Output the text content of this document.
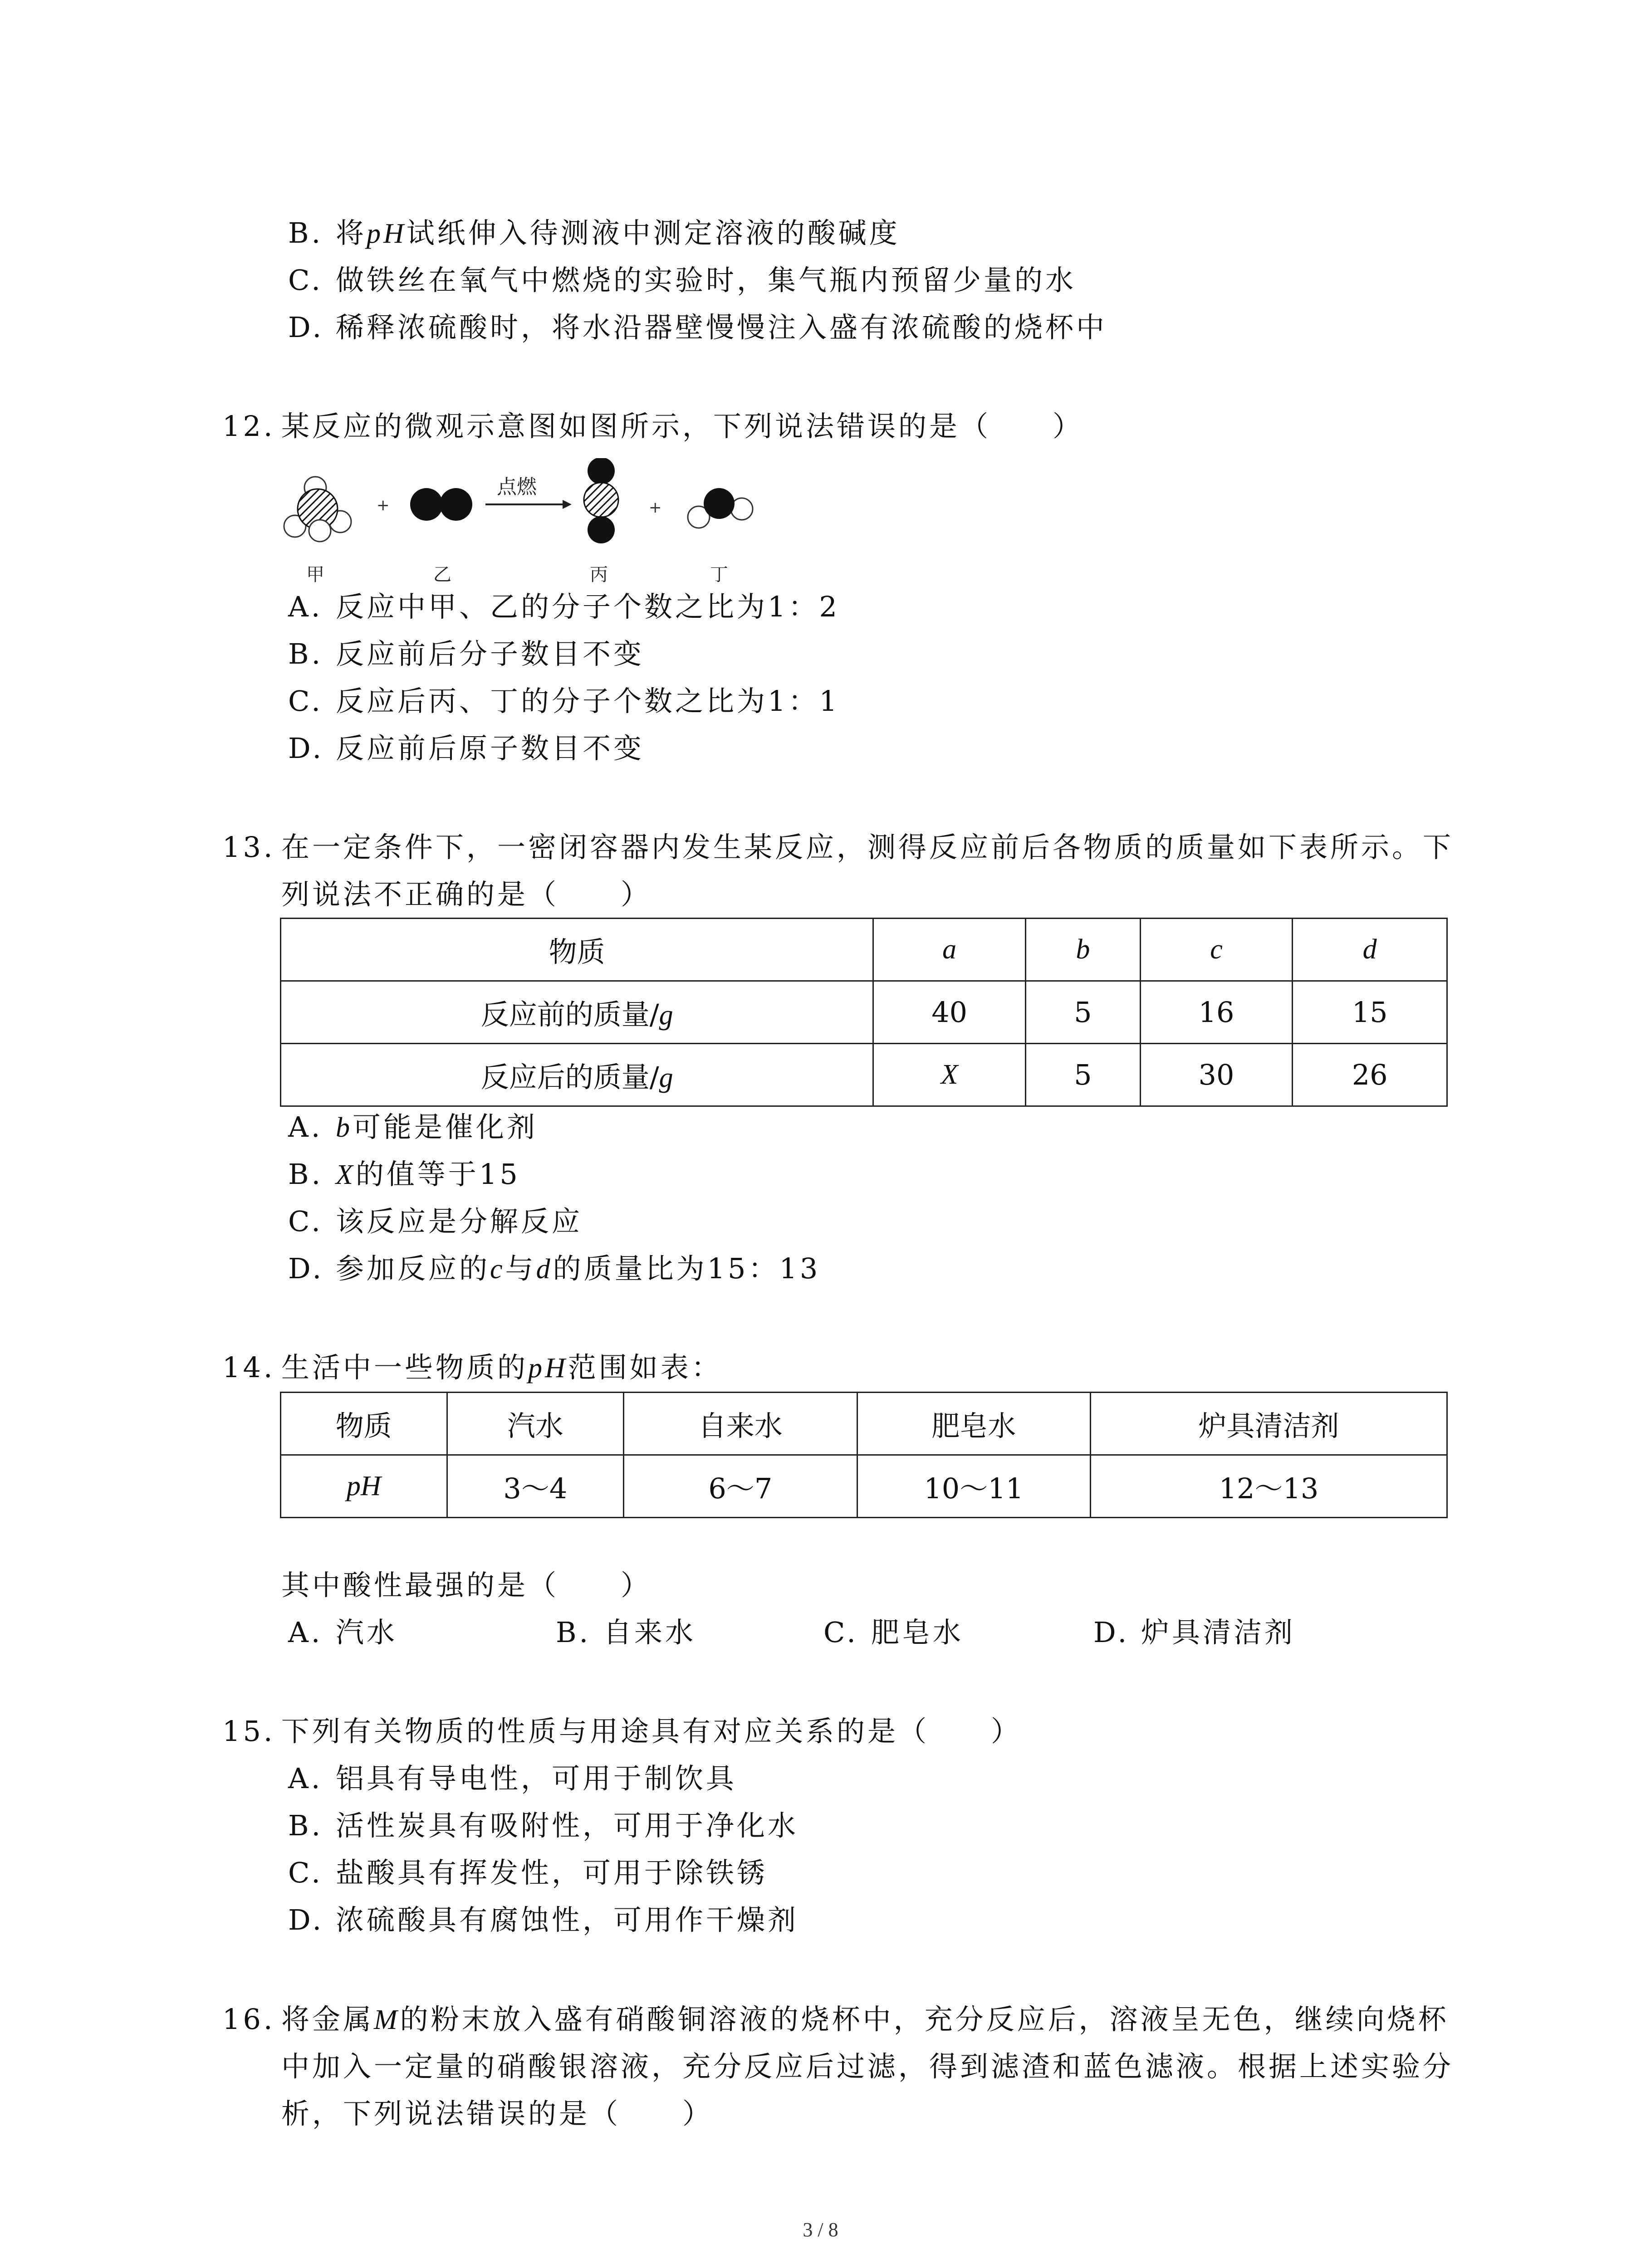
B. 将pH试纸伸入待测液中测定溶液的酸碱度
C. 做铁丝在氧气中燃烧的实验时，集气瓶内预留少量的水
D. 稀释浓硫酸时，将水沿器壁慢慢注入盛有浓硫酸的烧杯中
12. 某反应的微观示意图如图所示，下列说法错误的是（　　）
+
点燃
+
甲	乙	丙	丁
A. 反应中甲、乙的分子个数之比为1：2
B. 反应前后分子数目不变
C. 反应后丙、丁的分子个数之比为1：1
D. 反应前后原子数目不变
13. 在一定条件下，一密闭容器内发生某反应，测得反应前后各物质的质量如下表所示。下
列说法不正确的是（　　）
物质	a	b	c	d
反应前的质量/g	40	5	16	15
反应后的质量/g	X	5	30	26
A. b可能是催化剂
B. X的值等于15
C. 该反应是分解反应
D. 参加反应的c与d的质量比为15：13
14. 生活中一些物质的pH范围如表：
物质	汽水	自来水	肥皂水	炉具清洁剂
pH	3～4	6～7	10～11	12～13
其中酸性最强的是（　　）
A. 汽水	B. 自来水	C. 肥皂水	D. 炉具清洁剂
15. 下列有关物质的性质与用途具有对应关系的是（　　）
A. 铝具有导电性，可用于制饮具
B. 活性炭具有吸附性，可用于净化水
C. 盐酸具有挥发性，可用于除铁锈
D. 浓硫酸具有腐蚀性，可用作干燥剂
16. 将金属M的粉末放入盛有硝酸铜溶液的烧杯中，充分反应后，溶液呈无色，继续向烧杯
中加入一定量的硝酸银溶液，充分反应后过滤，得到滤渣和蓝色滤液。根据上述实验分
析，下列说法错误的是（　　）
3 / 8
